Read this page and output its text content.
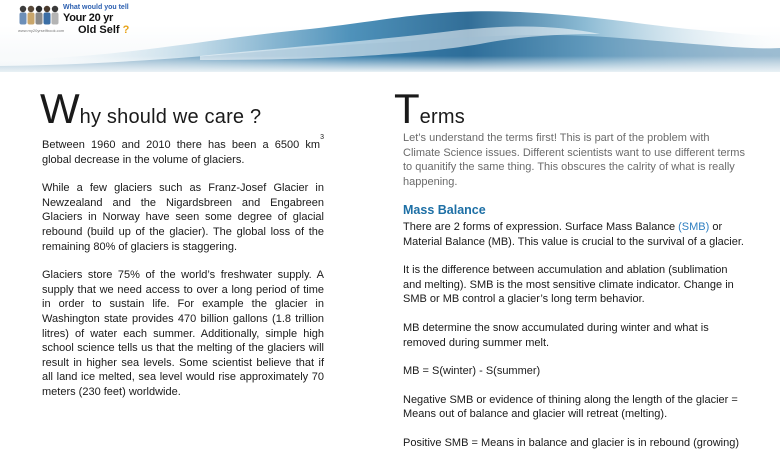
What would you tell
Your 20 yr
Old Self ?
www.my20yrselfbook.com
Why should we care ?

Between 1960 and 2010 there has been a 6500 $km^3$ global decrease in the volume of glaciers.

While a few glaciers such as Franz-Josef Glacier in Newzealand and the Nigardsbreen and Engabreen Glaciers in Norway have seen some degree of glacial rebound (build up of the glacier). The global loss of the remaining 80% of glaciers is staggering.

Glaciers store 75% of the world’s freshwater supply. A supply that we need access to over a long period of time in order to sustain life. For example the glacier in Washington state provides 470 billion gallons (1.8 trillion litres) of water each summer. Additionally, simple high school science tells us that the melting of the glaciers will result in higher sea levels. Some scientist believe that if all land ice melted, sea level would rise approximately 70 meters (230 feet) worldwide.

Terms

Let’s understand the terms first! This is part of the problem with Climate Science issues. Different scientists want to use different terms to quanitify the same thing. This obscures the calrity of what is really happening.

Mass Balance

There are 2 forms of expression. Surface Mass Balance (SMB) or Material Balance (MB). This value is crucial to the survival of a glacier.

It is the difference between accumulation and ablation (sublimation and melting). SMB is the most sensitive climate indicator. Change in SMB or MB control a glacier’s long term behavior.

MB determine the snow accumulated during winter and what is removed during summer melt.

MB = S(winter) - S(summer)

Negative SMB or evidence of thining along the length of the glacier = Means out of balance and glacier will retreat (melting).

Positive SMB = Means in balance and glacier is in rebound (growing)
